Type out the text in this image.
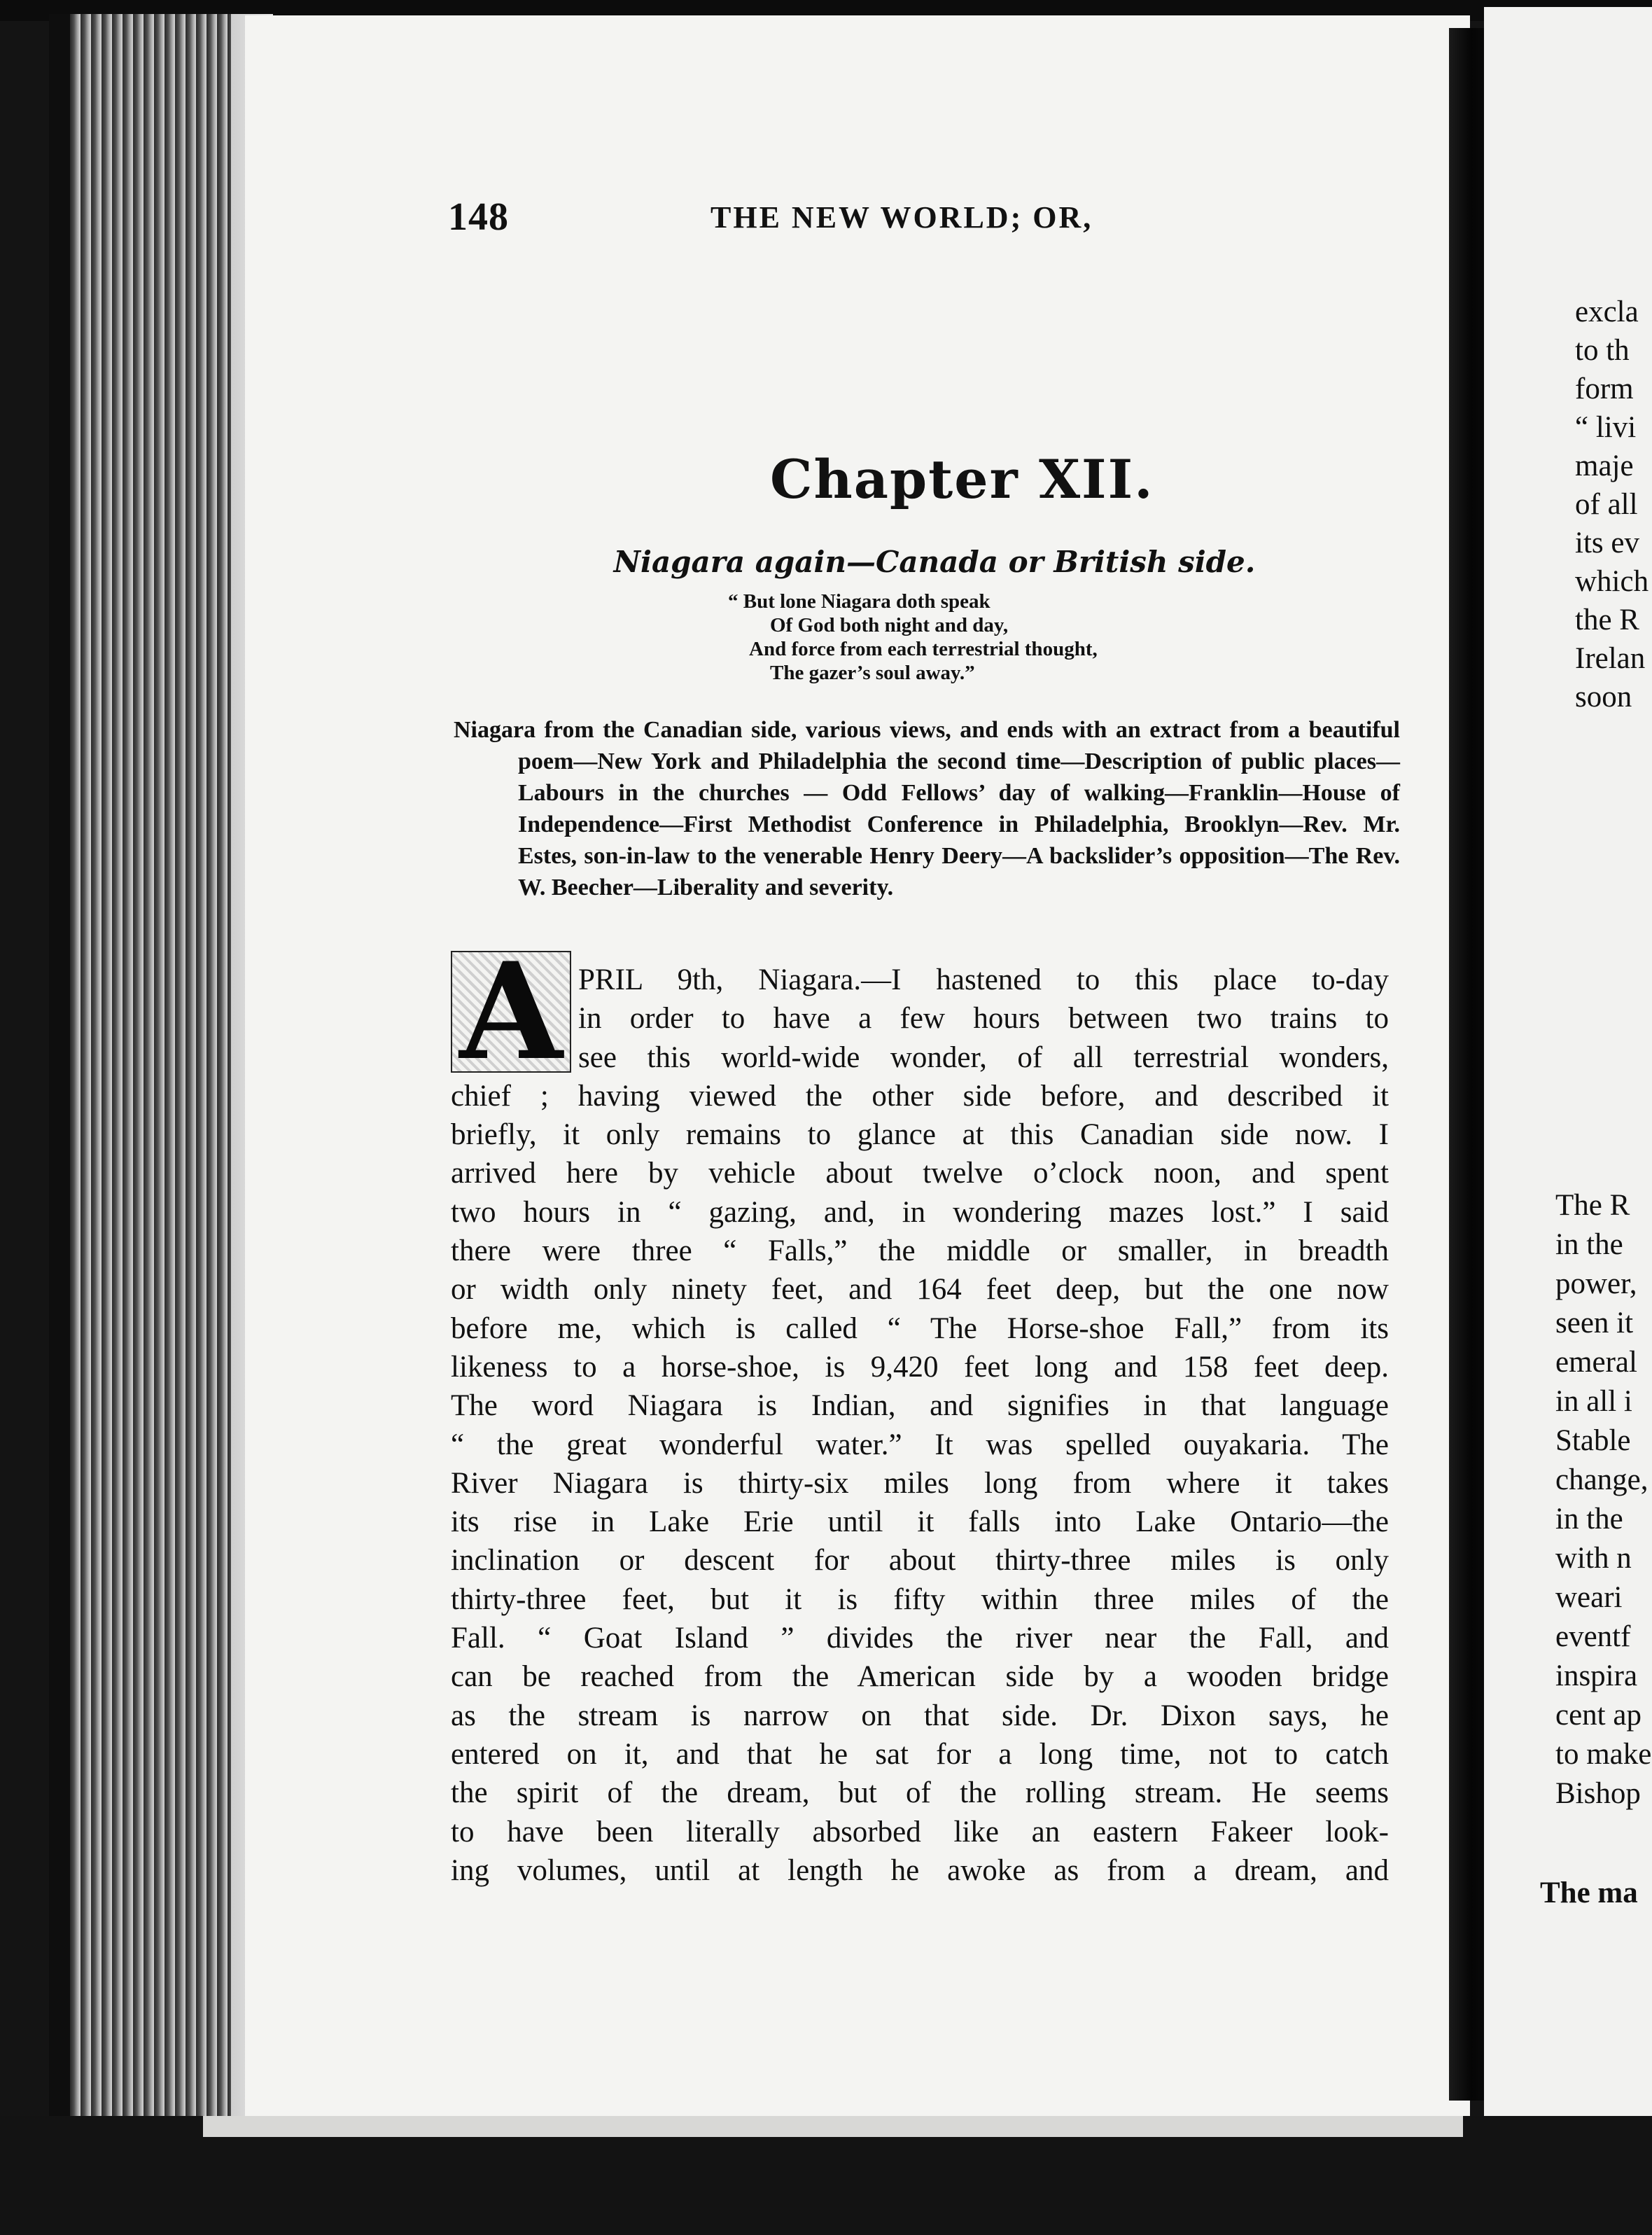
148	THE NEW WORLD; OR,
Chapter XII.
Niagara again—Canada or British side.
“ But lone Niagara doth speak
Of God both night and day,
And force from each terrestrial thought,
The gazer’s soul away.”
Niagara from the Canadian side, various views, and ends with an extract from a beautiful poem—New York and Philadelphia the second time—Description of public places— Labours in the churches — Odd Fellows’ day of walking—Franklin—House of Independence—First Methodist Conference in Philadelphia, Brooklyn—Rev. Mr. Estes, son-in-law to the venerable Henry Deery—A backslider’s opposition—The Rev. W. Beecher—Liberality and severity.
A PRIL 9th, Niagara.—I hastened to this place to-day
in order to have a few hours between two trains to
see this world-wide wonder, of all terrestrial wonders,
chief ; having viewed the other side before, and described it
briefly, it only remains to glance at this Canadian side now. I
arrived here by vehicle about twelve o’clock noon, and spent
two hours in “ gazing, and, in wondering mazes lost.” I said
there were three “ Falls,” the middle or smaller, in breadth
or width only ninety feet, and 164 feet deep, but the one now
before me, which is called “ The Horse-shoe Fall,” from its
likeness to a horse-shoe, is 9,420 feet long and 158 feet deep.
The word Niagara is Indian, and signifies in that language
“ the great wonderful water.” It was spelled ouyakaria. The
River Niagara is thirty-six miles long from where it takes
its rise in Lake Erie until it falls into Lake Ontario—the
inclination or descent for about thirty-three miles is only
thirty-three feet, but it is fifty within three miles of the
Fall. “ Goat Island ” divides the river near the Fall, and
can be reached from the American side by a wooden bridge
as the stream is narrow on that side. Dr. Dixon says, he
entered on it, and that he sat for a long time, not to catch
the spirit of the dream, but of the rolling stream. He seems
to have been literally absorbed like an eastern Fakeer look-
ing volumes, until at length he awoke as from a dream, and
excla
to th
form
“ livi
maje
of all
its ev
which
the R
Irelan
soon
The R
in the
power,
seen it
emeral
in all i
Stable
change,
in the
with n
weari
eventf
inspira
cent ap
to make
Bishop
The ma
